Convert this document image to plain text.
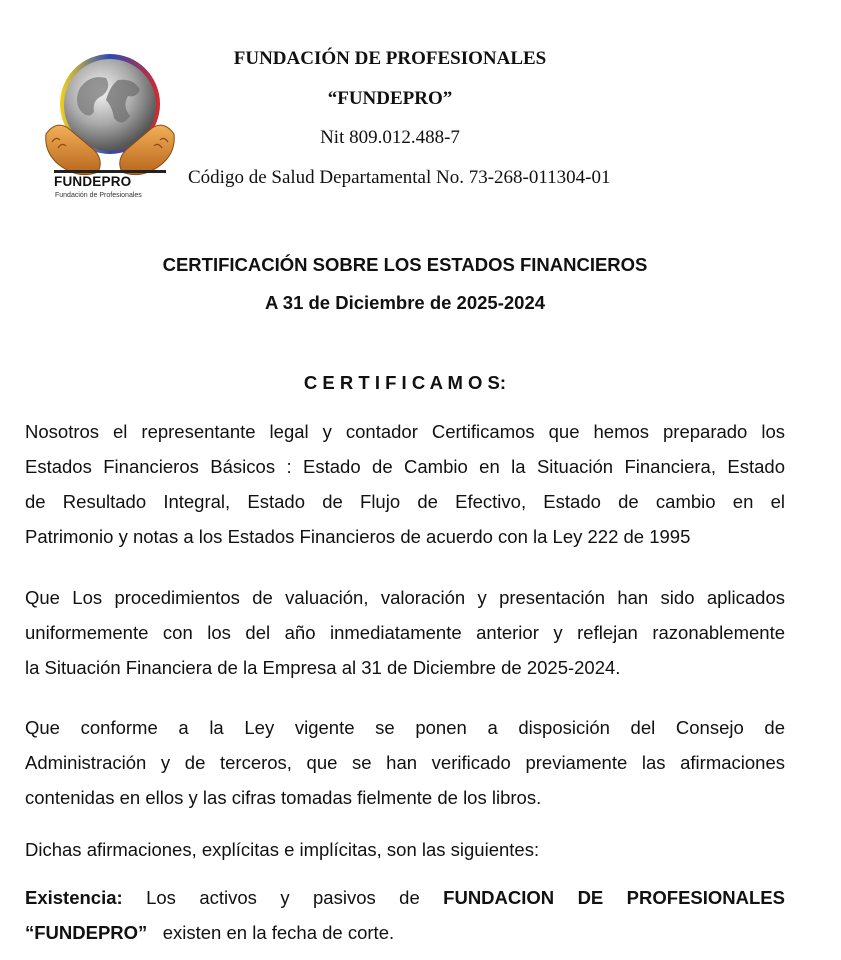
FUNDEPRO
Fundación de Profesionales
FUNDACIÓN DE PROFESIONALES
“FUNDEPRO”
Nit 809.012.488-7
Código de Salud Departamental No. 73-268-011304-01
CERTIFICACIÓN SOBRE LOS ESTADOS FINANCIEROS
A 31 de Diciembre de 2025-2024
C E R T I F I C A M O S:
Nosotros el representante legal y contador Certificamos que hemos preparado los
Estados Financieros Básicos : Estado de Cambio en la Situación Financiera, Estado
de Resultado Integral, Estado de Flujo de Efectivo, Estado de cambio en el
Patrimonio y notas a los Estados Financieros de acuerdo con la Ley 222 de 1995
Que Los procedimientos de valuación, valoración y presentación han sido aplicados
uniformemente con los del año inmediatamente anterior y reflejan razonablemente
la Situación Financiera de la Empresa al 31 de Diciembre de 2025-2024.
Que conforme a la Ley vigente se ponen a disposición del Consejo de
Administración y de terceros, que se han verificado previamente las afirmaciones
contenidas en ellos y las cifras tomadas fielmente de los libros.
Dichas afirmaciones, explícitas e implícitas, son las siguientes:
Existencia: Los activos y pasivos de FUNDACION DE PROFESIONALES
“FUNDEPRO”   existen en la fecha de corte.
